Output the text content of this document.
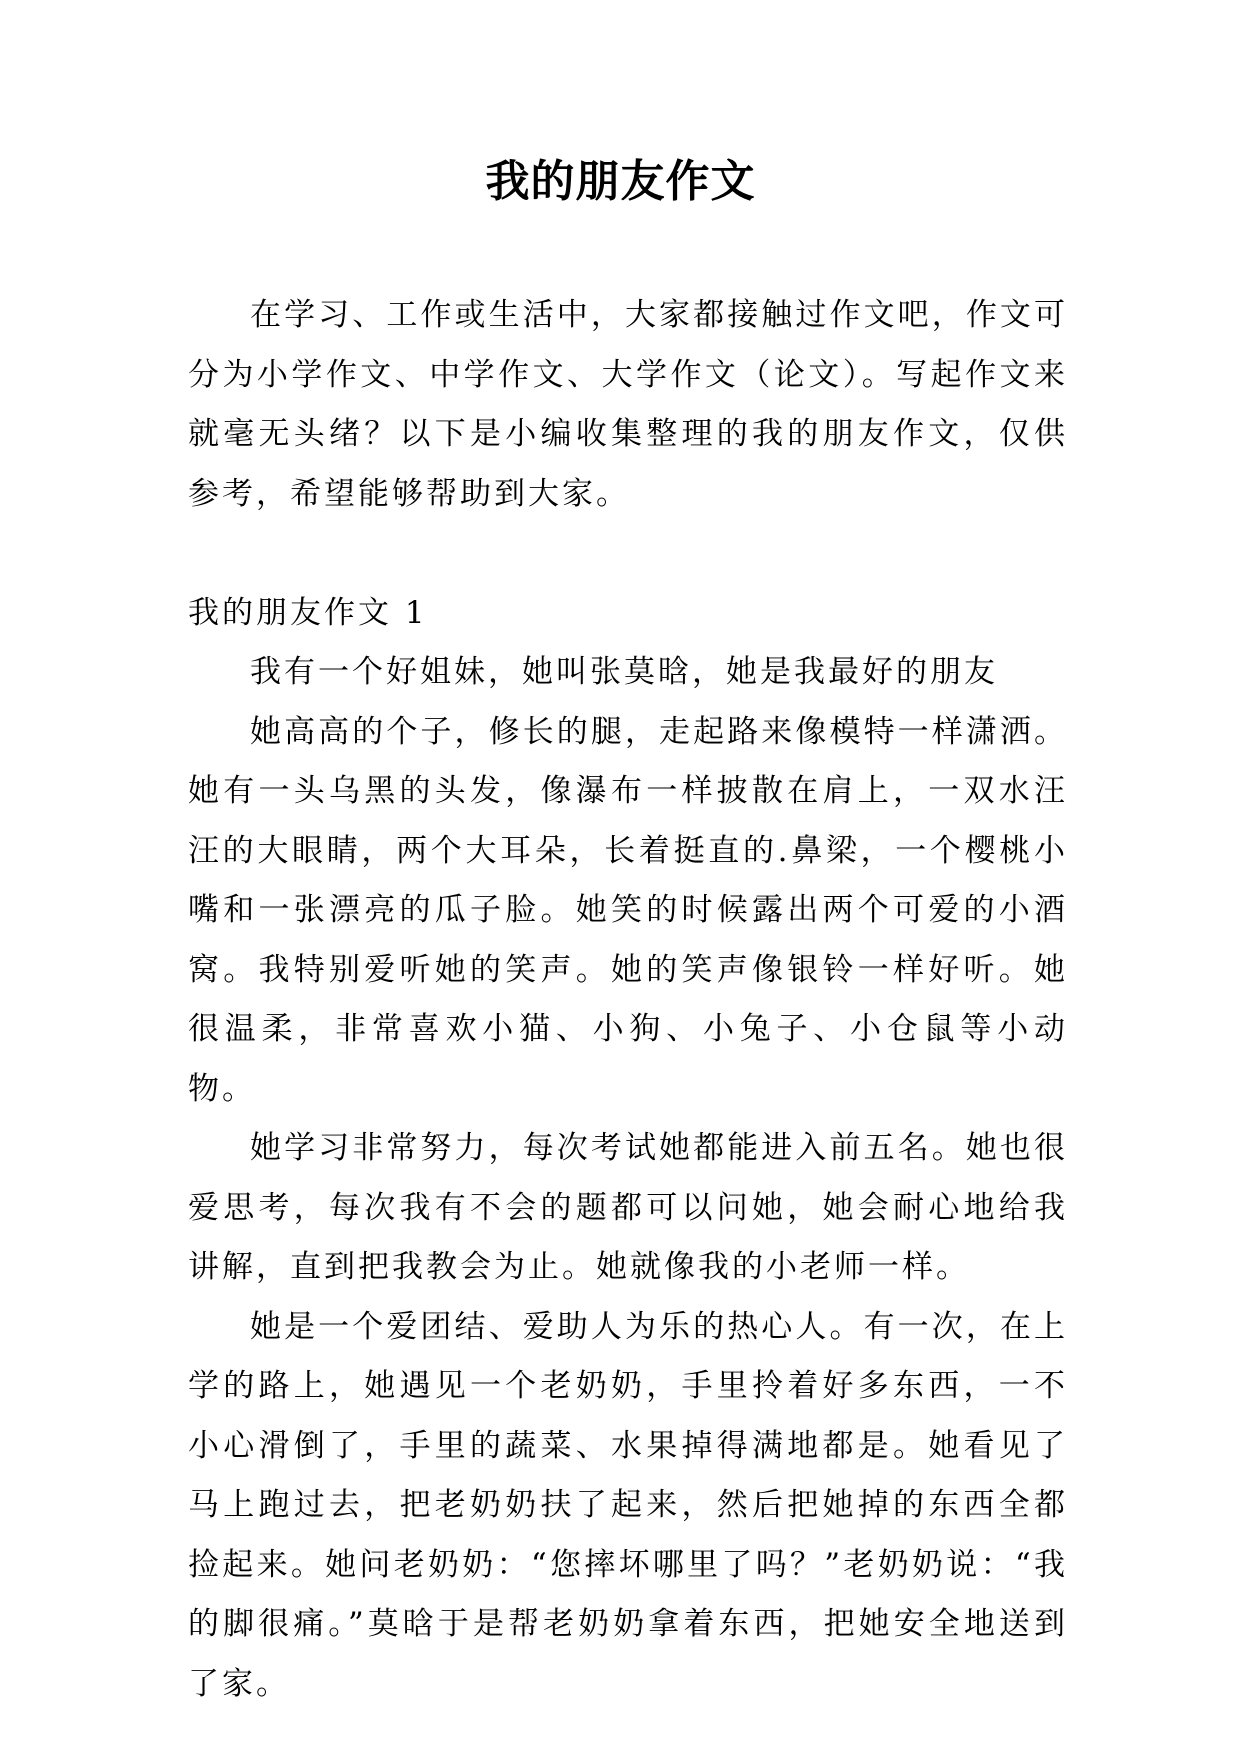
我的朋友作文

在学习、工作或生活中，大家都接触过作文吧，作文可分为小学作文、中学作文、大学作文（论文）。写起作文来就毫无头绪？以下是小编收集整理的我的朋友作文，仅供参考，希望能够帮助到大家。

我的朋友作文 1

我有一个好姐妹，她叫张莫晗，她是我最好的朋友

她高高的个子，修长的腿，走起路来像模特一样潇洒。她有一头乌黑的头发，像瀑布一样披散在肩上，一双水汪汪的大眼睛，两个大耳朵，长着挺直的.鼻梁，一个樱桃小嘴和一张漂亮的瓜子脸。她笑的时候露出两个可爱的小酒窝。我特别爱听她的笑声。她的笑声像银铃一样好听。她很温柔，非常喜欢小猫、小狗、小兔子、小仓鼠等小动物。

她学习非常努力，每次考试她都能进入前五名。她也很爱思考，每次我有不会的题都可以问她，她会耐心地给我讲解，直到把我教会为止。她就像我的小老师一样。

她是一个爱团结、爱助人为乐的热心人。有一次，在上学的路上，她遇见一个老奶奶，手里拎着好多东西，一不小心滑倒了，手里的蔬菜、水果掉得满地都是。她看见了马上跑过去，把老奶奶扶了起来，然后把她掉的东西全都捡起来。她问老奶奶：“您摔坏哪里了吗？”老奶奶说：“我的脚很痛。”莫晗于是帮老奶奶拿着东西，把她安全地送到了家。
